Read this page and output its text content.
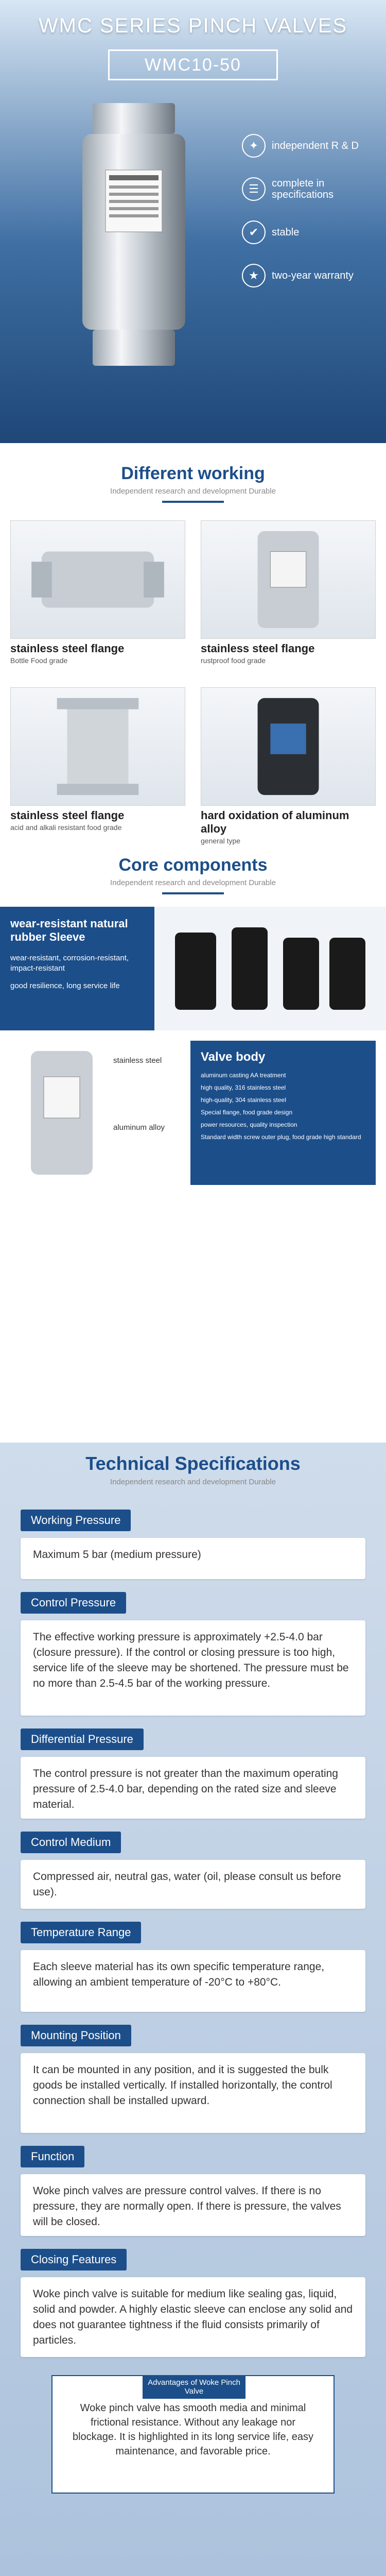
WMC SERIES PINCH VALVES
WMC10-50
✦	independent R & D
☰	complete in specifications
✔	stable
★	two-year warranty
Different working
Independent research and development Durable
stainless steel flange
Bottle Food grade
stainless steel flange
rustproof food grade
stainless steel flange
acid and alkali resistant food grade
hard oxidation of aluminum alloy
general type
Core components
Independent research and development Durable
wear-resistant natural rubber Sleeve
wear-resistant, corrosion-resistant, impact-resistant
good resilience, long service life
stainless steel
aluminum alloy
Valve body
aluminum casting AA treatment
high quality, 316 stainless steel
high-quality, 304 stainless steel
Special flange, food grade design
power resources, quality inspection
Standard width screw outer plug, food grade high standard
Technical Specifications
Independent research and development Durable
Working Pressure
Maximum 5 bar (medium pressure)
Control Pressure
The effective working pressure is approximately +2.5-4.0 bar (closure pressure). If the control or closing pressure is too high, service life of the sleeve may be shortened. The pressure must be no more than 2.5-4.5 bar of the working pressure.
Differential Pressure
The control pressure is not greater than the maximum operating pressure of 2.5-4.0 bar, depending on the rated size and sleeve material.
Control Medium
Compressed air, neutral gas, water (oil, please consult us before use).
Temperature Range
Each sleeve material has its own specific temperature range, allowing an ambient temperature of -20°C to +80°C.
Mounting Position
It can be mounted in any position, and it is suggested the bulk goods be installed vertically. If installed horizontally, the control connection shall be installed upward.
Function
Woke pinch valves are pressure control valves. If there is no pressure, they are normally open. If there is pressure, the valves will be closed.
Closing Features
Woke pinch valve is suitable for medium like sealing gas, liquid, solid and powder. A highly elastic sleeve can enclose any solid and does not guarantee tightness if the fluid consists primarily of particles.
Advantages of Woke Pinch Valve
Woke pinch valve has smooth media and minimal frictional resistance. Without any leakage nor blockage. It is highlighted in its long service life, easy maintenance, and favorable price.
